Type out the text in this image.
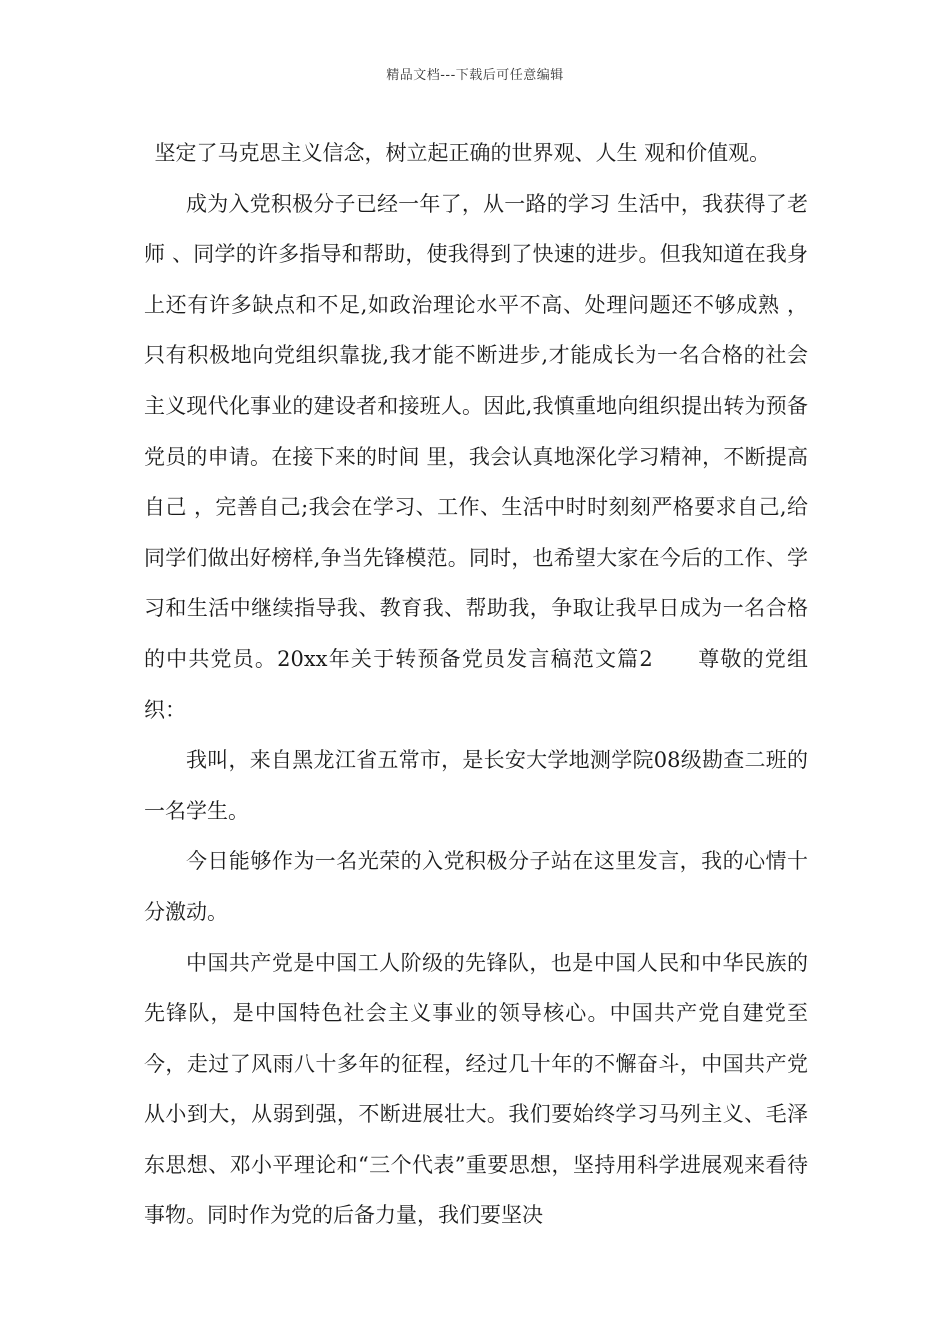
精品文档---下载后可任意编辑

坚定了马克思主义信念，树立起正确的世界观、人生 观和价值观。

成为入党积极分子已经一年了，从一路的学习 生活中，我获得了老师 、同学的许多指导和帮助，使我得到了快速的进步。但我知道在我身上还有许多缺点和不足,如政治理论水平不高、处理问题还不够成熟 ，只有积极地向党组织靠拢,我才能不断进步,才能成长为一名合格的社会主义现代化事业的建设者和接班人。因此,我慎重地向组织提出转为预备党员的申请。在接下来的时间 里，我会认真地深化学习精神，不断提高自己 ，完善自己;我会在学习、工作、生活中时时刻刻严格要求自己,给同学们做出好榜样,争当先锋模范。同时，也希望大家在今后的工作、学习和生活中继续指导我、教育我、帮助我，争取让我早日成为一名合格的中共党员。20xx年关于转预备党员发言稿范文篇2　　尊敬的党组织：

我叫，来自黑龙江省五常市，是长安大学地测学院08级勘查二班的一名学生。

今日能够作为一名光荣的入党积极分子站在这里发言，我的心情十分激动。

中国共产党是中国工人阶级的先锋队，也是中国人民和中华民族的先锋队，是中国特色社会主义事业的领导核心。中国共产党自建党至今，走过了风雨八十多年的征程，经过几十年的不懈奋斗，中国共产党从小到大，从弱到强，不断进展壮大。我们要始终学习马列主义、毛泽东思想、邓小平理论和“三个代表”重要思想，坚持用科学进展观来看待事物。同时作为党的后备力量，我们要坚决
